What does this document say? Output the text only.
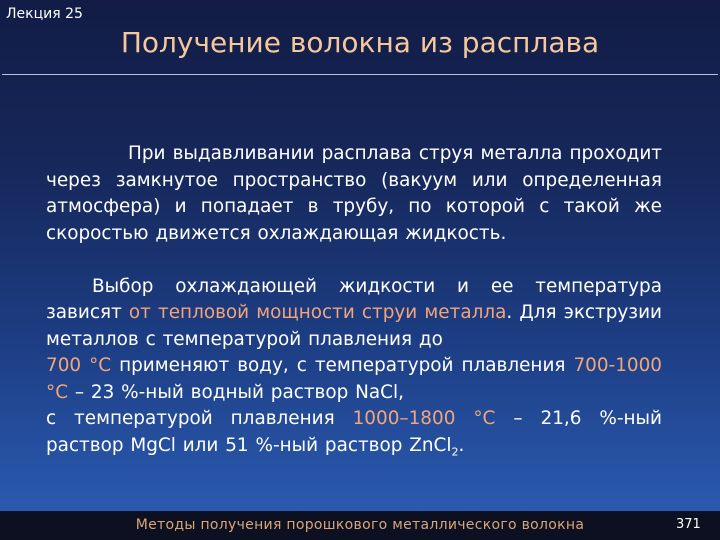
Лекция 25
Получение волокна из расплава

При выдавливании расплава струя металла проходит через замкнутое пространство (вакуум или определенная атмосфера) и попадает в трубу, по которой с такой же скоростью движется охлаждающая жидкость.

Выбор охлаждающей жидкости и ее температура зависят от тепловой мощности струи металла. Для экструзии металлов с температурой плавления до
700 °C применяют воду, с температурой плавления 700-1000 °C – 23 %-ный водный раствор NaCl,
с температурой плавления 1000–1800 °C – 21,6 %-ный раствор MgCl или 51 %-ный раствор ZnCl$_2$.

Методы получения порошкового металлического волокна	371
